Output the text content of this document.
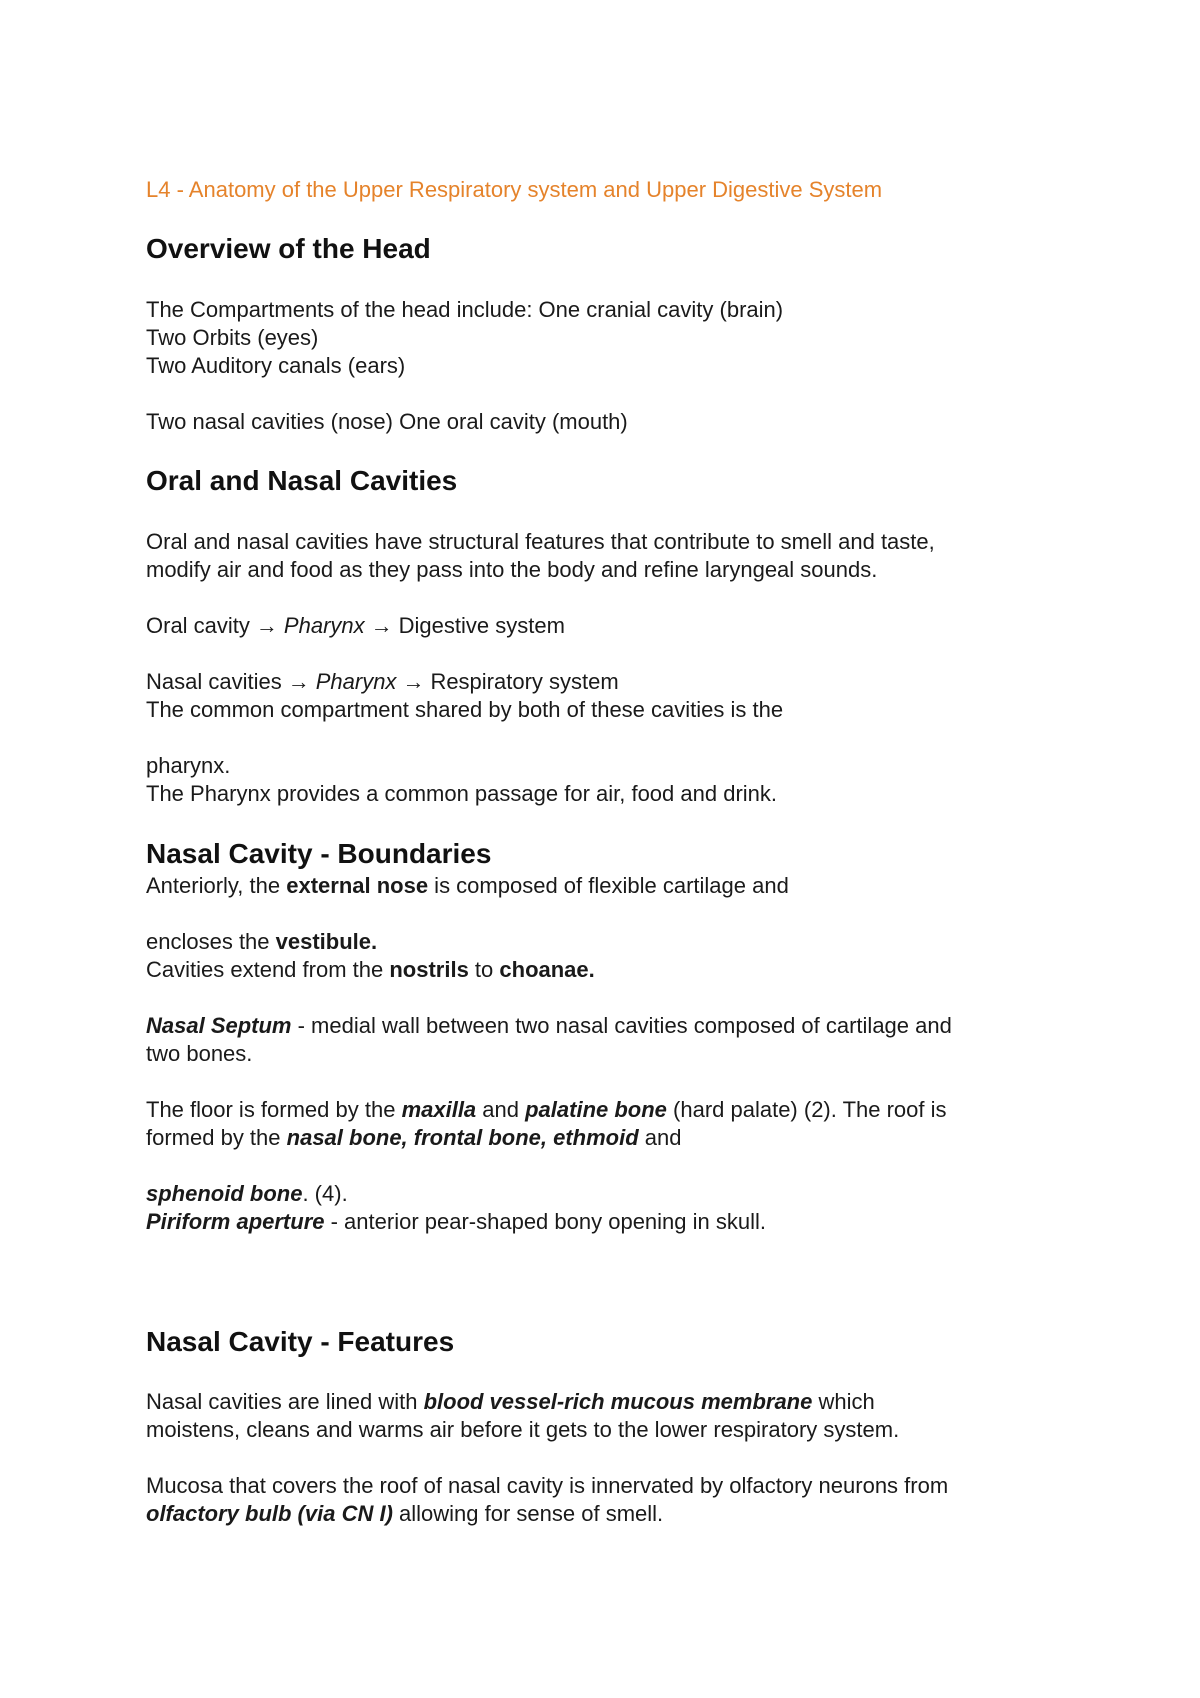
L4 - Anatomy of the Upper Respiratory system and Upper Digestive System
Overview of the Head
The Compartments of the head include: One cranial cavity (brain)
Two Orbits (eyes)
Two Auditory canals (ears)
Two nasal cavities (nose) One oral cavity (mouth)
Oral and Nasal Cavities
Oral and nasal cavities have structural features that contribute to smell and taste,
modify air and food as they pass into the body and refine laryngeal sounds.
Oral cavity → Pharynx → Digestive system
Nasal cavities → Pharynx → Respiratory system
The common compartment shared by both of these cavities is the
pharynx.
The Pharynx provides a common passage for air, food and drink.
Nasal Cavity - Boundaries
Anteriorly, the external nose is composed of flexible cartilage and
encloses the vestibule.
Cavities extend from the nostrils to choanae.
Nasal Septum - medial wall between two nasal cavities composed of cartilage and
two bones.
The floor is formed by the maxilla and palatine bone (hard palate) (2). The roof is
formed by the nasal bone, frontal bone, ethmoid and
sphenoid bone. (4).
Piriform aperture - anterior pear-shaped bony opening in skull.
Nasal Cavity - Features
Nasal cavities are lined with blood vessel-rich mucous membrane which
moistens, cleans and warms air before it gets to the lower respiratory system.
Mucosa that covers the roof of nasal cavity is innervated by olfactory neurons from
olfactory bulb (via CN I) allowing for sense of smell.
